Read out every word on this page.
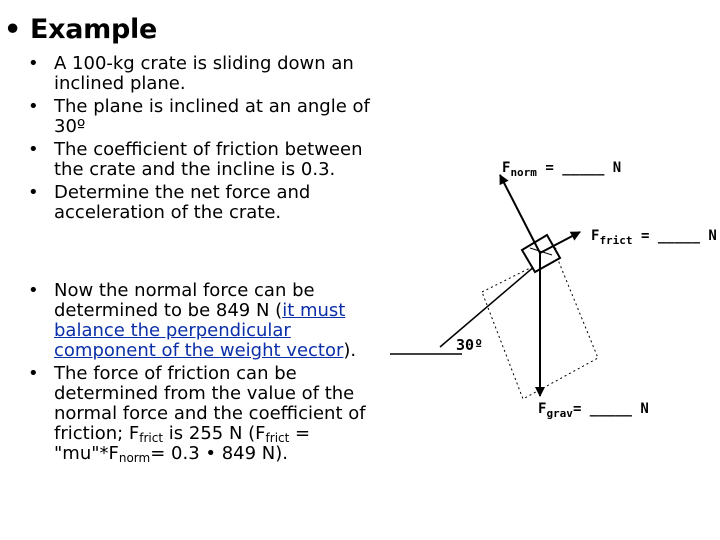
• Example
• A 100-kg crate is sliding down an inclined plane.
• The plane is inclined at an angle of 30º
• The coefficient of friction between the crate and the incline is 0.3.
• Determine the net force and acceleration of the crate.
• Now the normal force can be determined to be 849 N (it must balance the perpendicular component of the weight vector).
• The force of friction can be determined from the value of the normal force and the coefficient of friction; $F_{frict}$ is 255 N ($F_{frict}$ = "$mu"*F_{norm}= 0.3$ • 849 N).
30º
$F_{norm}$ = _____ N
$F_{frict}$ = _____ N
$F_{grav}=$ _____ N
